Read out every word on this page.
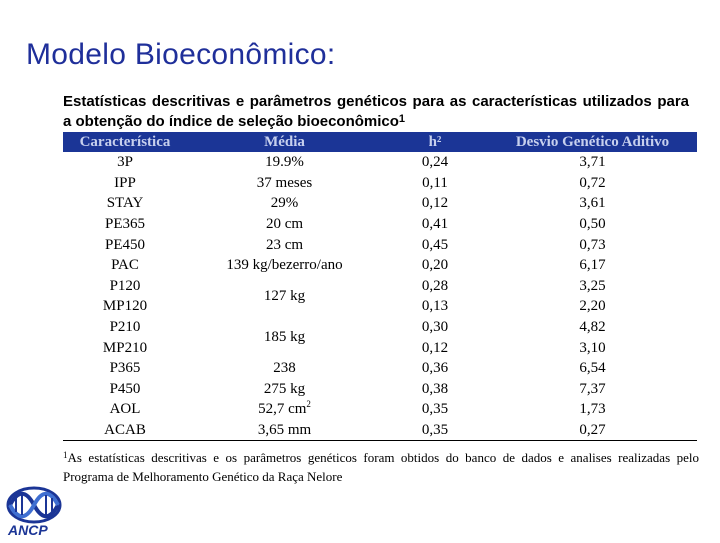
Modelo Bioeconômico:
Estatísticas descritivas e parâmetros genéticos para as características utilizados para a obtenção do índice de seleção bioeconômico$^1$
Característica	Média	h²	Desvio Genético Aditivo
3P	19.9%	0,24	3,71
IPP	37 meses	0,11	0,72
STAY	29%	0,12	3,61
PE365	20 cm	0,41	0,50
PE450	23 cm	0,45	0,73
PAC	139 kg/bezerro/ano	0,20	6,17
P120	127 kg	0,28	3,25
MP120		0,13	2,20
P210	185 kg	0,30	4,82
MP210		0,12	3,10
P365	238	0,36	6,54
P450	275 kg	0,38	7,37
AOL	52,7 $cm^2$	0,35	1,73
ACAB	3,65 mm	0,35	0,27
$^1$As estatísticas descritivas e os parâmetros genéticos foram obtidos do banco de dados e analises realizadas pelo Programa de Melhoramento Genético da Raça Nelore
ANCP
